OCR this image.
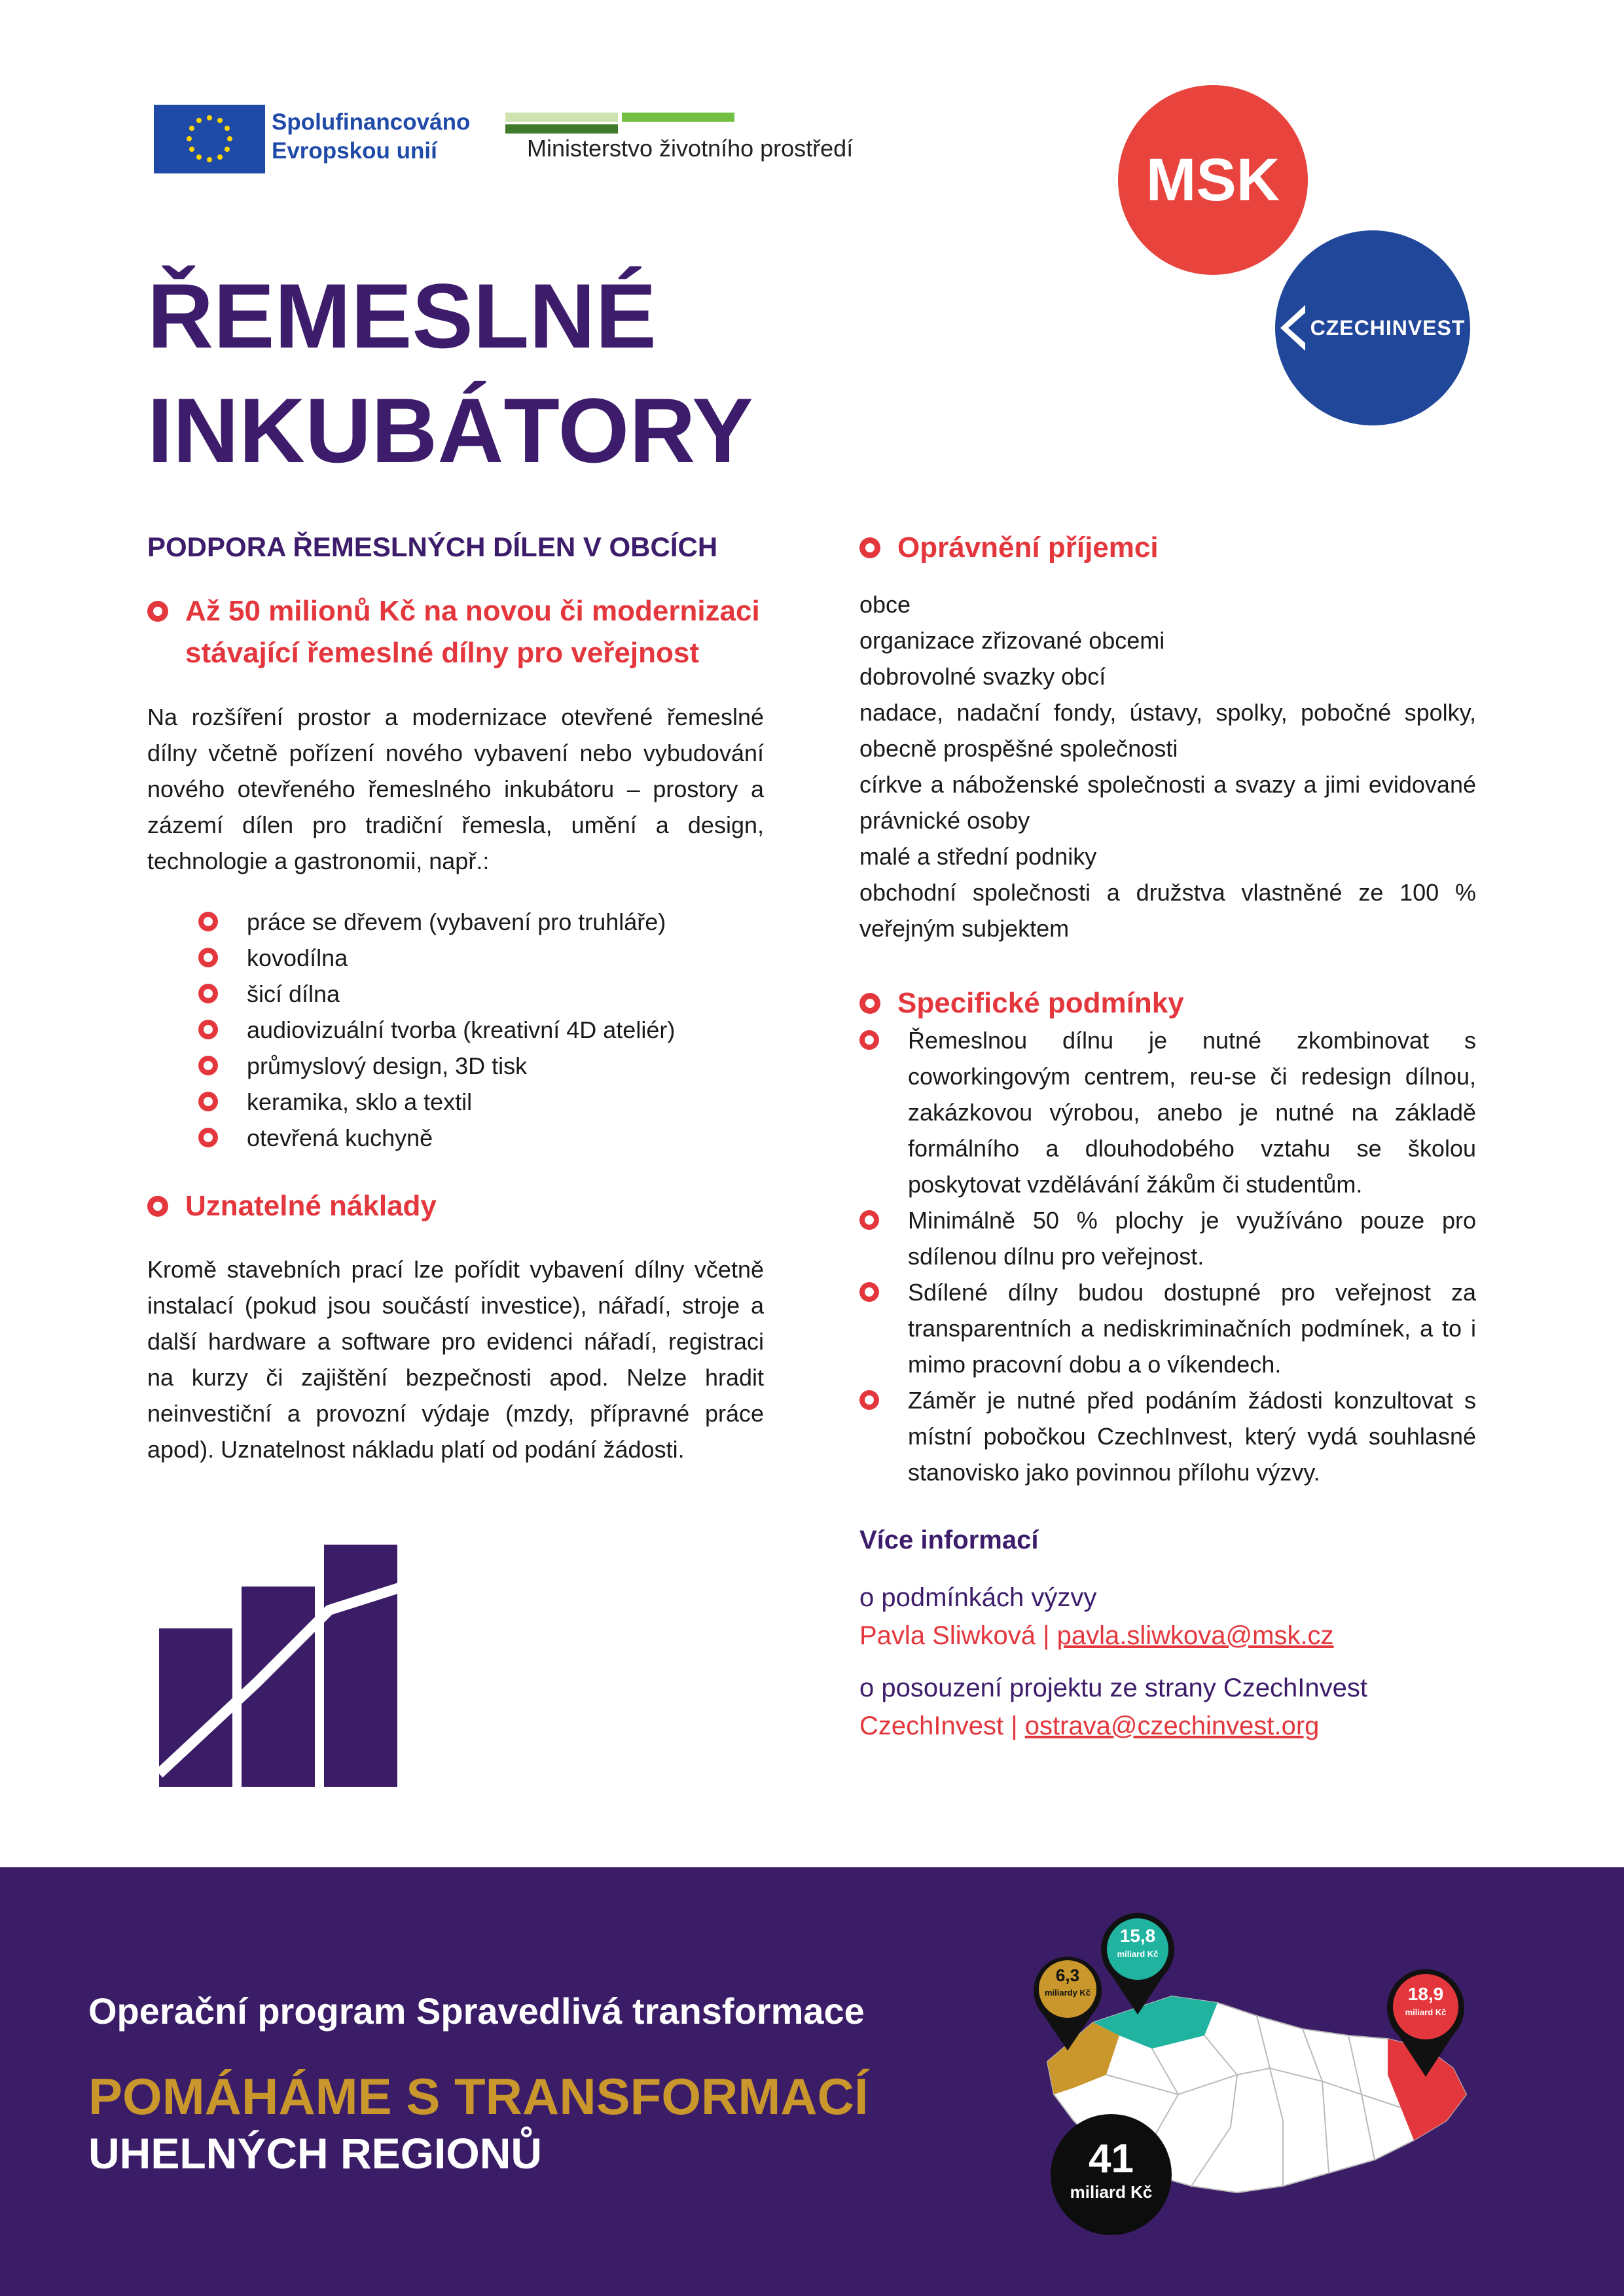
Spolufinancováno
Evropskou unií	Ministerstvo životního prostředí	MSK
CZECHINVEST
ŘEMESLNÉ
INKUBÁTORY
PODPORA ŘEMESLNÝCH DÍLEN V OBCÍCH
Až 50 milionů Kč na novou či modernizaci stávající řemeslné dílny pro veřejnost
Na rozšíření prostor a modernizace otevřené řemeslné dílny včetně pořízení nového vybavení nebo vybudování nového otevřeného řemeslného inkubátoru – prostory a zázemí dílen pro tradiční řemesla, umění a design, technologie a gastronomii, např.:
práce se dřevem (vybavení pro truhláře)
kovodílna
šicí dílna
audiovizuální tvorba (kreativní 4D ateliér)
průmyslový design, 3D tisk
keramika, sklo a textil
otevřená kuchyně
Uznatelné náklady
Kromě stavebních prací lze pořídit vybavení dílny včetně instalací (pokud jsou součástí investice), nářadí, stroje a další hardware a software pro evidenci nářadí, registraci na kurzy či zajištění bezpečnosti apod. Nelze hradit neinvestiční a provozní výdaje (mzdy, přípravné práce apod). Uznatelnost nákladu platí od podání žádosti.
Oprávnění příjemci
obce
organizace zřizované obcemi
dobrovolné svazky obcí
nadace, nadační fondy, ústavy, spolky, pobočné spolky, obecně prospěšné společnosti
církve a náboženské společnosti a svazy a jimi evidované právnické osoby
malé a střední podniky
obchodní společnosti a družstva vlastněné ze 100 % veřejným subjektem
Specifické podmínky
Řemeslnou dílnu je nutné zkombinovat s coworkingovým centrem, reu-se či redesign dílnou, zakázkovou výrobou, anebo je nutné na základě formálního a dlouhodobého vztahu se školou poskytovat vzdělávání žákům či studentům.
Minimálně 50 % plochy je využíváno pouze pro sdílenou dílnu pro veřejnost.
Sdílené dílny budou dostupné pro veřejnost za transparentních a nediskriminačních podmínek, a to i mimo pracovní dobu a o víkendech.
Záměr je nutné před podáním žádosti konzultovat s místní pobočkou CzechInvest, který vydá souhlasné stanovisko jako povinnou přílohu výzvy.
Více informací
o podmínkách výzvy
Pavla Sliwková | pavla.sliwkova@msk.cz
o posouzení projektu ze strany CzechInvest
CzechInvest | ostrava@czechinvest.org
Operační program Spravedlivá transformace
POMÁHÁME S TRANSFORMACÍ
UHELNÝCH REGIONŮ
6,3
miliardy Kč
15,8
miliard Kč
18,9
miliard Kč
41
miliard Kč
